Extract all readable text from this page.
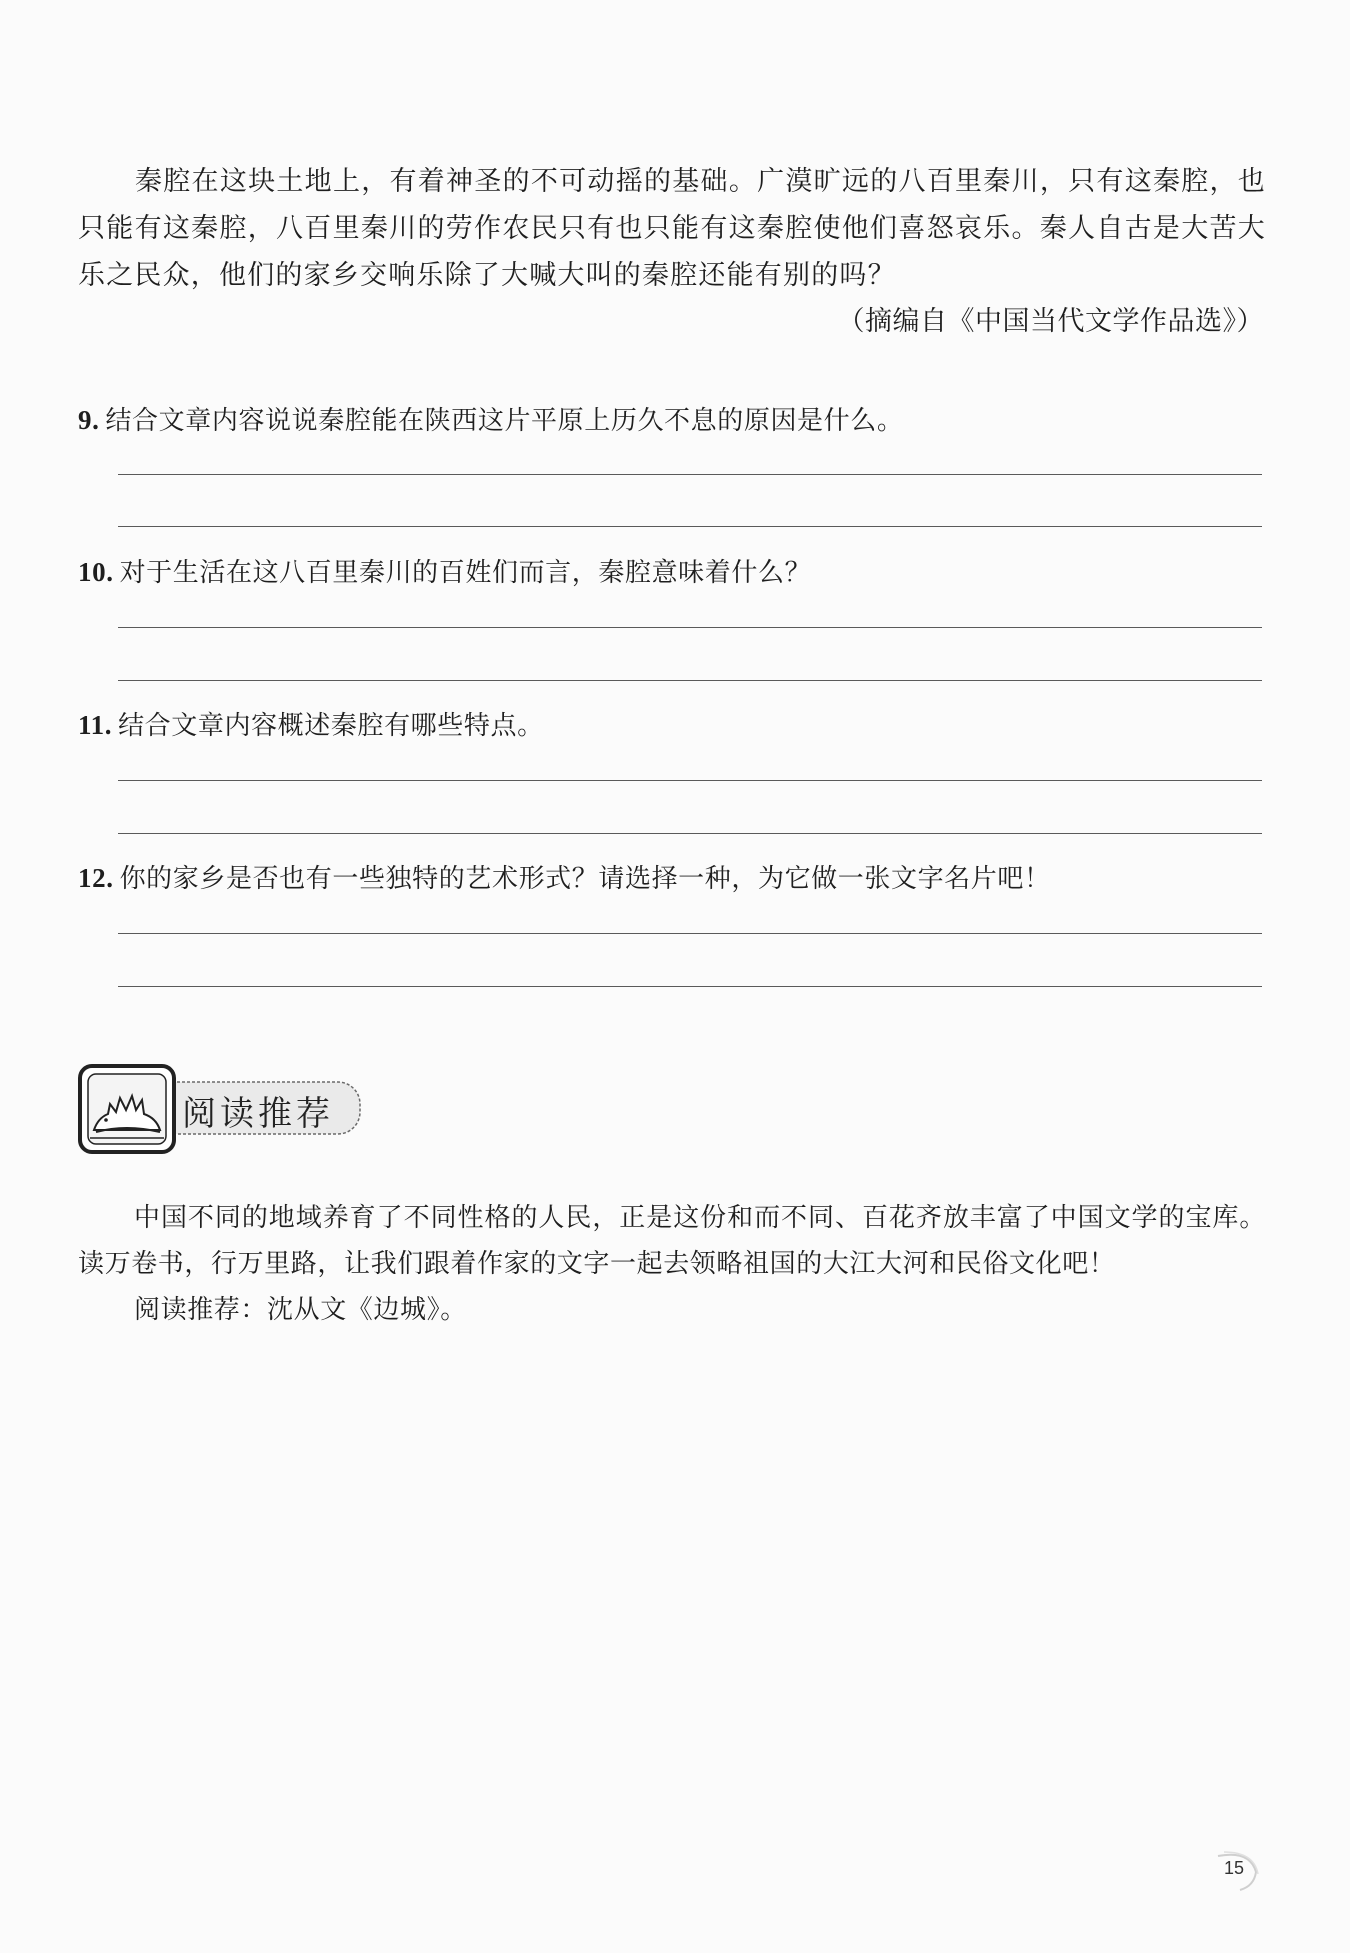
秦腔在这块土地上，有着神圣的不可动摇的基础。广漠旷远的八百里秦川，只有这秦腔，也只能有这秦腔，八百里秦川的劳作农民只有也只能有这秦腔使他们喜怒哀乐。秦人自古是大苦大乐之民众，他们的家乡交响乐除了大喊大叫的秦腔还能有别的吗？

（摘编自《中国当代文学作品选》）
9. 结合文章内容说说秦腔能在陕西这片平原上历久不息的原因是什么。
10. 对于生活在这八百里秦川的百姓们而言，秦腔意味着什么？
11. 结合文章内容概述秦腔有哪些特点。
12. 你的家乡是否也有一些独特的艺术形式？请选择一种，为它做一张文字名片吧！
阅读推荐

中国不同的地域养育了不同性格的人民，正是这份和而不同、百花齐放丰富了中国文学的宝库。读万卷书，行万里路，让我们跟着作家的文字一起去领略祖国的大江大河和民俗文化吧！

阅读推荐：沈从文《边城》。

15
